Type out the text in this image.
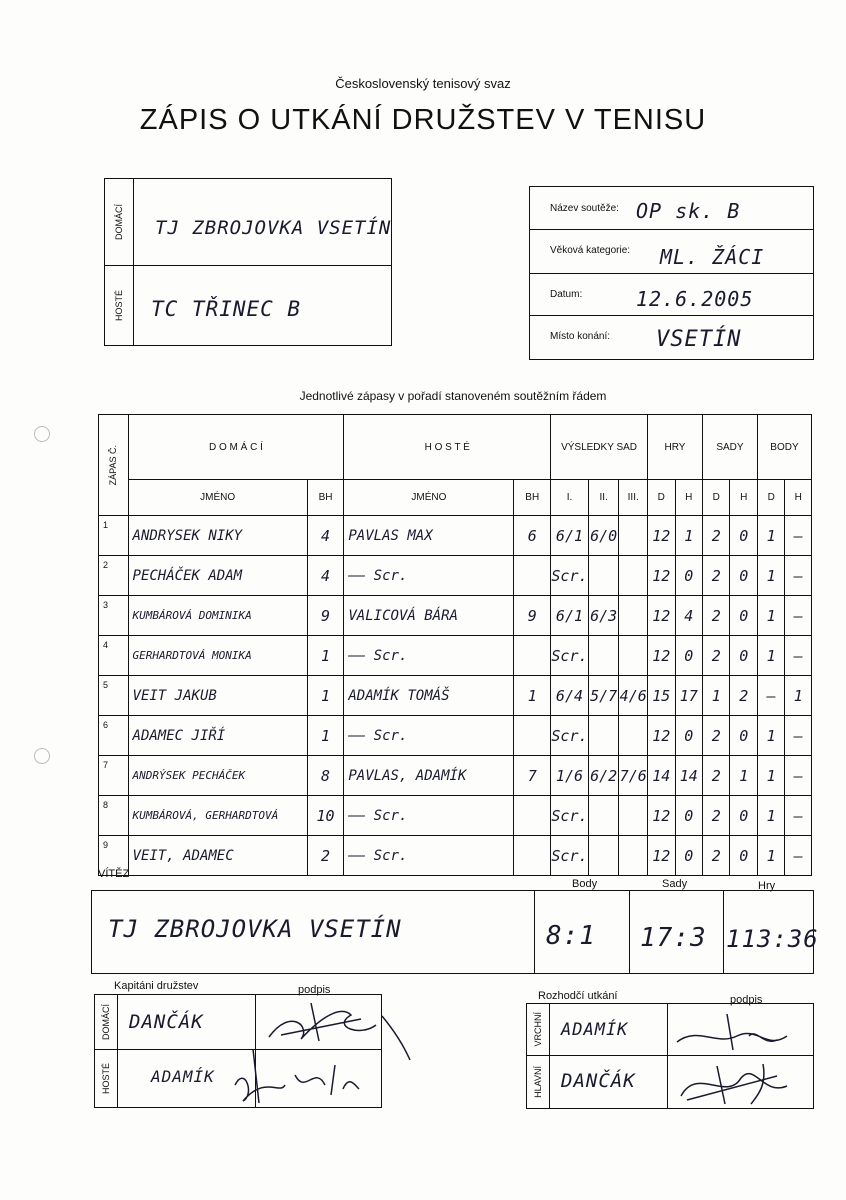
Československý tenisový svaz
ZÁPIS O UTKÁNÍ DRUŽSTEV V TENISU
DOMÁCÍ
HOSTÉ
TJ ZBROJOVKA VSETÍN
TC TŘINEC B
Název soutěže: OP sk. B
Věková kategorie: ML. ŽÁCI
Datum:	12.6.2005
Místo konání: VSETÍN
Jednotlivé zápasy v pořadí stanoveném soutěžním řádem
ZÁPAS Č.	D O M Á C Í		H O S T É		VÝSLEDKY SAD			HRY		SADY		BODY	
	JMÉNO	BH	JMÉNO	BH	I.	II.	III.	D	H	D	H	D	H
1	ANDRYSEK NIKY	4	PAVLAS MAX	6	6/1	6/0		12	1	2	0	1	—
2	PECHÁČEK ADAM	4	—— Scr.		Scr.			12	0	2	0	1	—
3	KUMBÁROVÁ DOMINIKA	9	VALICOVÁ BÁRA	9	6/1	6/3		12	4	2	0	1	—
4	GERHARDTOVÁ MONIKA	1	—— Scr.		Scr.			12	0	2	0	1	—
5	VEIT JAKUB	1	ADAMÍK TOMÁŠ	1	6/4	5/7	4/6	15	17	1	2	—	1
6	ADAMEC JIŘÍ	1	—— Scr.		Scr.			12	0	2	0	1	—
7	ANDRÝSEK PECHÁČEK	8	PAVLAS, ADAMÍK	7	1/6	6/2	7/6	14	14	2	1	1	—
8	KUMBÁROVÁ, GERHARDTOVÁ	10	—— Scr.		Scr.			12	0	2	0	1	—
9	VEIT, ADAMEC	2	—— Scr.		Scr.			12	0	2	0	1	—
VÍTĚZ
Body	Sady	Hry
TJ ZBROJOVKA VSETÍN	8:1 17:3 113:36
Kapitáni družstev	podpis
DOMÁCÍ
HOSTÉ
DANČÁK
ADAMÍK
Rozhodčí utkání	podpis
VRCHNÍ
HLAVNÍ
ADAMÍK
DANČÁK
